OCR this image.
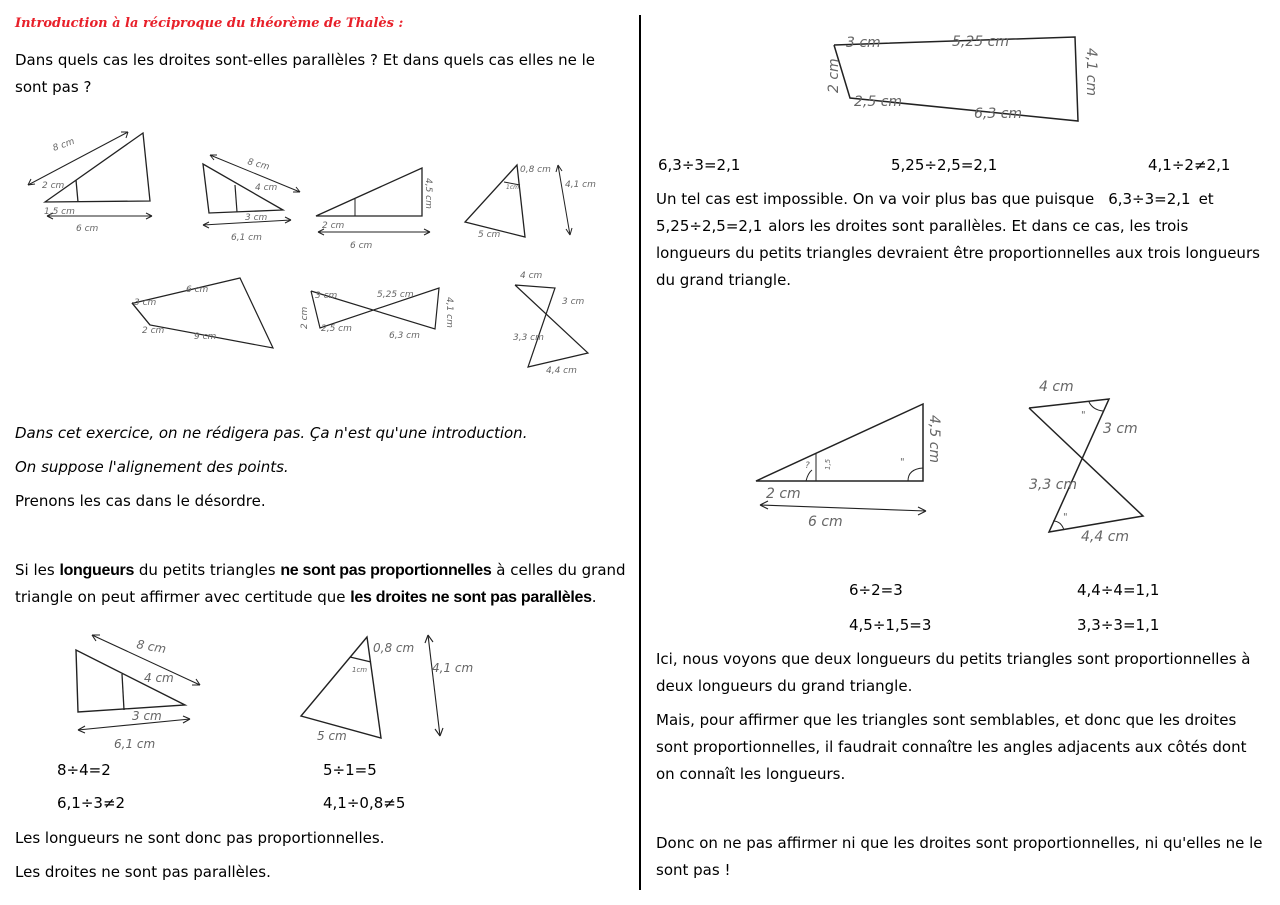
Introduction à la réciproque du théorème de Thalès :
Dans quels cas les droites sont-elles parallèles ? Et dans quels cas elles ne le
sont pas ?
8 cm
2 cm
1,5 cm
6 cm
8 cm
4 cm
3 cm
6,1 cm
4,5 cm
2 cm
6 cm
0,8 cm
1cm	4,1 cm
5 cm
3 cm
6 cm
2 cm
9 cm
3 cm	5,25 cm
2 cm 2,5 cm
6,3 cm
4,1 cm
4 cm
3 cm
3,3 cm
4,4 cm
Dans cet exercice, on ne rédigera pas. Ça n'est qu'une introduction.
On suppose l'alignement des points.
Prenons les cas dans le désordre.
Si les longueurs du petits triangles ne sont pas proportionnelles à celles du grand
triangle on peut affirmer avec certitude que les droites ne sont pas parallèles.
8 cm
4 cm
3 cm
6,1 cm
0,8 cm
1cm	4,1 cm
5 cm
8÷4=2
6,1÷3≠2
5÷1=5
4,1÷0,8≠5
Les longueurs ne sont donc pas proportionnelles.
Les droites ne sont pas parallèles.
3 cm	5,25 cm
2 cm
2,5 cm
6,3 cm
4,1 cm
6,3÷3=2,1	5,25÷2,5=2,1	4,1÷2≠2,1
Un tel cas est impossible. On va voir plus bas que puisque 6,3÷3=2,1 et
5,25÷2,5=2,1 alors les droites sont parallèles. Et dans ce cas, les trois
longueurs du petits triangles devraient être proportionnelles aux trois longueurs
du grand triangle.
4,5 cm
1,5
?	"
2 cm
6 cm
4 cm
"
3 cm
3,3 cm
"
4,4 cm
6÷2=3
4,5÷1,5=3
4,4÷4=1,1
3,3÷3=1,1
Ici, nous voyons que deux longueurs du petits triangles sont proportionnelles à
deux longueurs du grand triangle.
Mais, pour affirmer que les triangles sont semblables, et donc que les droites
sont proportionnelles, il faudrait connaître les angles adjacents aux côtés dont
on connaît les longueurs.
Donc on ne pas affirmer ni que les droites sont proportionnelles, ni qu'elles ne le
sont pas !
